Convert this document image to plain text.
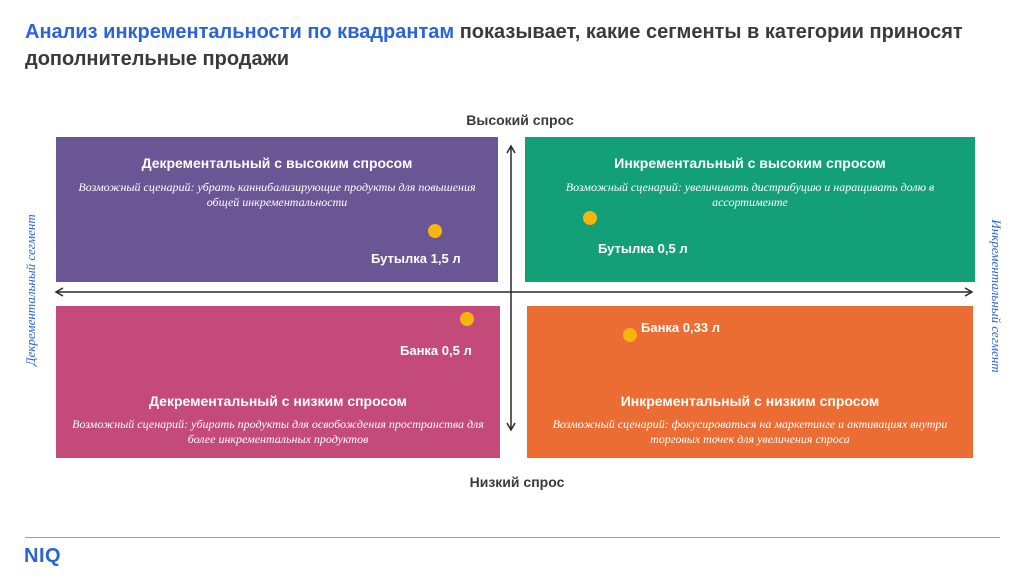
Анализ инкрементальности по квадрантам показывает, какие сегменты в категории приносят дополнительные продажи
Высокий спрос
Низкий спрос
Декрементальный сегмент	Инкрементальный сегмент
Декрементальный с высоким спросом
Возможный сценарий: убрать каннибализирующие продукты для повышения общей инкрементальности
Инкрементальный с высоким спросом
Возможный сценарий: увеличивать дистрибуцию и наращивать долю в ассортименте
Декрементальный с низким спросом
Возможный сценарий: убирать продукты для освобождения пространства для более инкрементальных продуктов
Инкрементальный с низким спросом
Возможный сценарий: фокусироваться на маркетинге и активациях внутри торговых точек для увеличения спроса
Бутылка 1,5 л
Бутылка 0,5 л
Банка 0,5 л
Банка 0,33 л
NIQ
